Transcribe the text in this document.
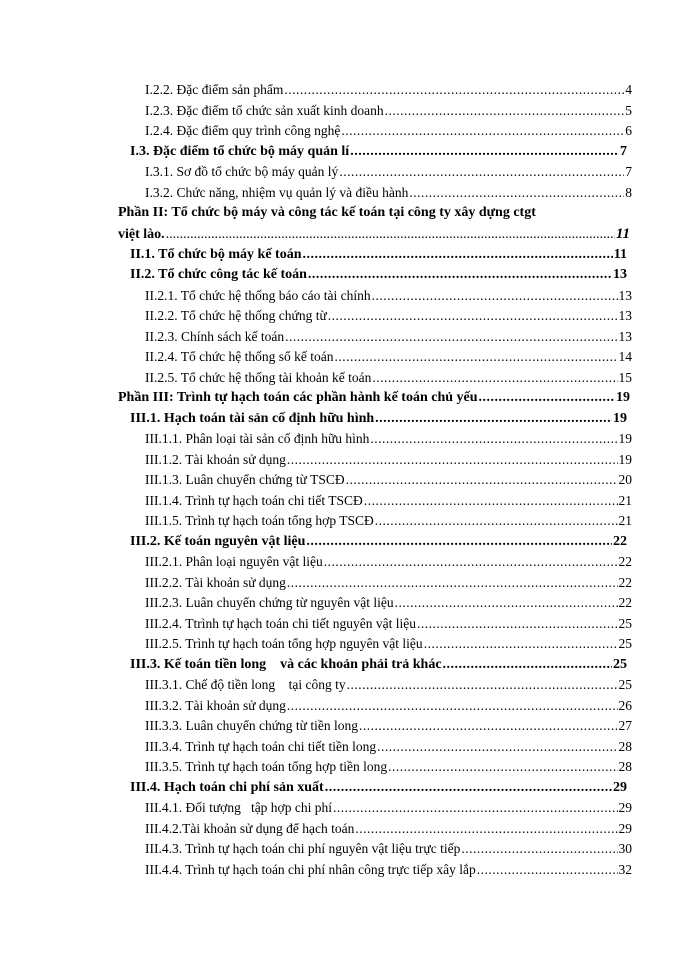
I.2.2. Đặc điểm sản phẩm .....	4
I.2.3. Đặc điểm tổ chức sản xuất kinh doanh .....	5
I.2.4. Đặc điểm quy trình công nghệ .....	6
I.3. Đặc điểm tổ chức bộ máy quản lí .....	7
I.3.1. Sơ đồ tổ chức bộ máy quản lý .....	7
I.3.2. Chức năng, nhiệm vụ quản lý và điều hành .....	8
Phần II: Tổ chức bộ máy và công tác kế toán tại công ty xây dựng ctgt
việt lào. .....	11
II.1. Tổ chức bộ máy kế toán .....	11
II.2. Tổ chức công tác kế toán .....	13
II.2.1. Tổ chức hệ thống báo cáo tài chính .....	13
II.2.2. Tổ chức hệ thống chứng từ .....	13
II.2.3. Chính sách kế toán .....	13
II.2.4. Tổ chức hệ thống sổ kế toán .....	14
II.2.5. Tổ chức hệ thống tài khoản kế toán .....	15
Phần III: Trình tự hạch toán các phần hành kế toán chủ yếu .....	19
III.1. Hạch toán tài sản cố định hữu hình .....	19
III.1.1. Phân loại tài sản cố định hữu hình .....	19
III.1.2. Tài khoản sử dụng .....	19
III.1.3. Luân chuyển chứng từ TSCĐ .....	20
III.1.4. Trình tự hạch toán chi tiết TSCĐ .....	21
III.1.5. Trình tự hạch toán tổng hợp TSCĐ .....	21
III.2. Kế toán nguyên vật liệu .....	22
III.2.1. Phân loại nguyên vật liệu .....	22
III.2.2. Tài khoản sử dụng .....	22
III.2.3. Luân chuyển chứng từ nguyên vật liệu .....	22
III.2.4. Ttrình tự hạch toán chi tiết nguyên vật liệu .....	25
III.2.5. Trình tự hạch toán tổng hợp nguyên vật liệu .....	25
III.3. Kế toán tiền long    và các khoản phải trả khác .....	25
III.3.1. Chế độ tiền long    tại công ty .....	25
III.3.2. Tài khoản sử dụng .....	26
III.3.3. Luân chuyển chứng từ tiền long .....	27
III.3.4. Trình tự hạch toán chi tiết tiền long .....	28
III.3.5. Trình tự hạch toán tổng hợp tiền long .....	28
III.4. Hạch toán chi phí sản xuất .....	29
III.4.1. Đối tượng   tập hợp chi phí .....	29
III.4.2.Tài khoản sử dụng để hạch toán .....	29
III.4.3. Trình tự hạch toán chi phí nguyên vật liệu trực tiếp .....	30
III.4.4. Trình tự hạch toán chi phí nhân công trực tiếp xây lắp .....	32
